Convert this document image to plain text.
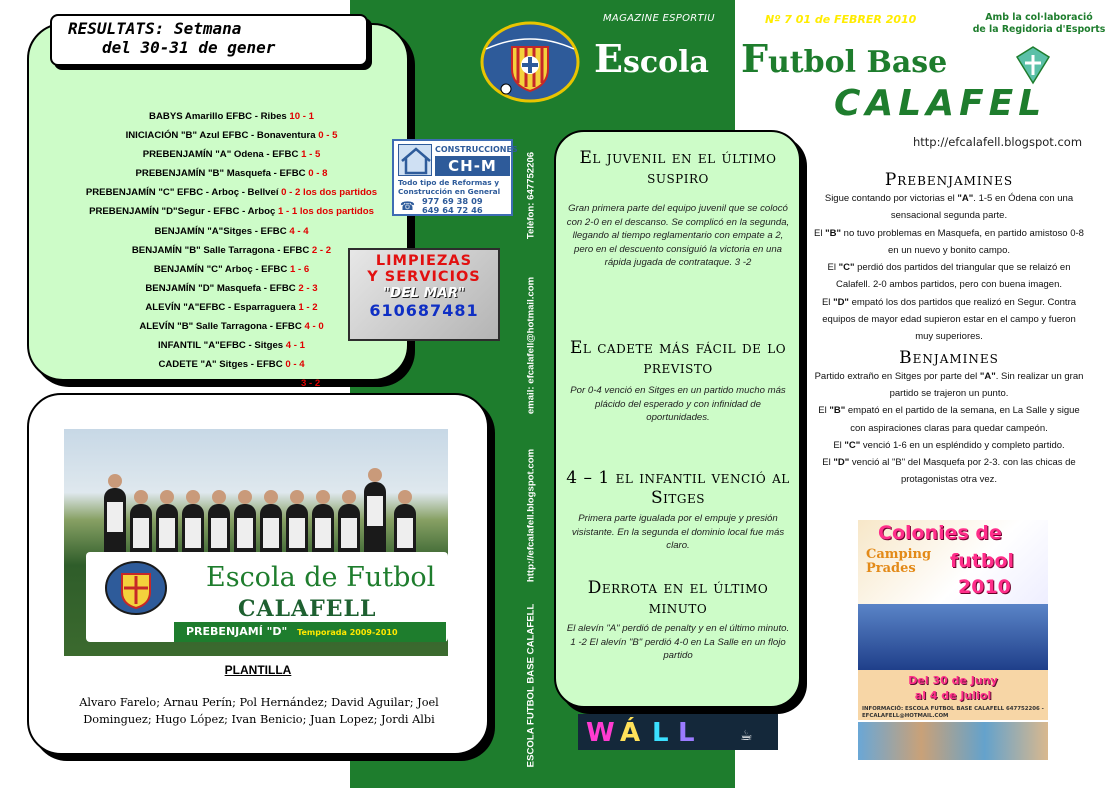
BABYS Amarillo EFBC - Ribes 10 - 1
INICIACIÓN "B" Azul EFBC - Bonaventura 0 - 5
PREBENJAMÍN "A" Odena - EFBC 1 - 5
PREBENJAMÍN "B" Masquefa - EFBC 0 - 8
PREBENJAMÍN "C" EFBC - Arboç - Bellveí 0 - 2 los dos partidos
PREBENJAMÍN "D"Segur - EFBC - Arboç 1 - 1 los dos partidos
BENJAMÍN "A"Sitges - EFBC 4 - 4
BENJAMÍN "B" Salle Tarragona - EFBC 2 - 2
BENJAMÍN "C" Arboç - EFBC 1 - 6
BENJAMÍN "D" Masquefa - EFBC 2 - 3
ALEVÍN "A"EFBC - Esparraguera 1 - 2
ALEVÍN "B" Salle Tarragona - EFBC 4 - 0
INFANTIL "A"EFBC - Sitges 4 - 1
CADETE "A" Sitges - EFBC 0 - 4
JUVENIL "A" EFBC - Sant Sadurní 3 - 2
RESULTATS: Setmana
del 30-31 de gener
Escola de Futbol
CALAFELL
PREBENJAMÍ "D" Temporada 2009-2010
PLANTILLA
Alvaro Farelo; Arnau Perín; Pol Hernández; David Aguilar; Joel Dominguez; Hugo López; Ivan Benicio; Juan Lopez; Jordi Albi
CONSTRUCCIONES
CH-M
Todo tipo de Reformas y Construcción en General
☎ 977 69 38 09
649 64 72 46
LIMPIEZAS
Y SERVICIOS
"DEL MAR"
610687481
Telèfon: 647752206
email: efcalafell@hotmail.com
http://efcalafell.blogspot.com
ESCOLA FUTBOL BASE CALAFELL
MAGAZINE ESPORTIU	Nº 7 01 de FEBRER 2010	Amb la col·laboració
de la Regidoria d'Esports
Escola Futbol Base
CALAFEL
http://efcalafell.blogspot.com
El juvenil en el último suspiro

Gran primera parte del equipo juvenil que se colocó con 2-0 en el descanso. Se complicó en la segunda, llegando al tiempo reglamentario con empate a 2, pero en el descuento consiguió la victoria en una rápida jugada de contrataque. 3 -2

El cadete más fácil de lo previsto

Por 0-4 venció en Sitges en un partido mucho más plácido del esperado y con infinidad de oportunidades.

4 – 1 el infantil venció al Sitges

Primera parte igualada por el empuje y presión visistante. En la segunda el dominio local fue más claro.

Derrota en el último minuto

El alevín "A" perdió de penalty y en el último minuto. 1 -2 El alevín "B" perdió 4-0 en La Salle en un flojo partido

W Á L L	☕
Prebenjamines

Sigue contando por victorias el "A". 1-5 en Ódena con una sensacional segunda parte.

El "B" no tuvo problemas en Masquefa, en partido amistoso 0-8 en un nuevo y bonito campo.

El "C" perdió dos partidos del triangular que se relaizó en Calafell. 2-0 ambos partidos, pero con buena imagen.

El "D" empató los dos partidos que realizó en Segur. Contra equipos de mayor edad supieron estar en el campo y fueron muy superiores.

Benjamines

Partido extraño en Sitges por parte del "A". Sin realizar un gran partido se trajeron un punto.

El "B" empató en el partido de la semana, en La Salle y sigue con aspiraciones claras para quedar campeón.

El "C" venció 1-6 en un espléndido y completo partido.

El "D" venció al "B" del Masquefa por 2-3. con las chicas de protagonistas otra vez.

Colonies de
Camping Prades	futbol
2010
Del 30 de Juny
al 4 de Juliol
INFORMACIÓ: ESCOLA FUTBOL BASE CALAFELL 647752206 - EFCALAFELL@HOTMAIL.COM
